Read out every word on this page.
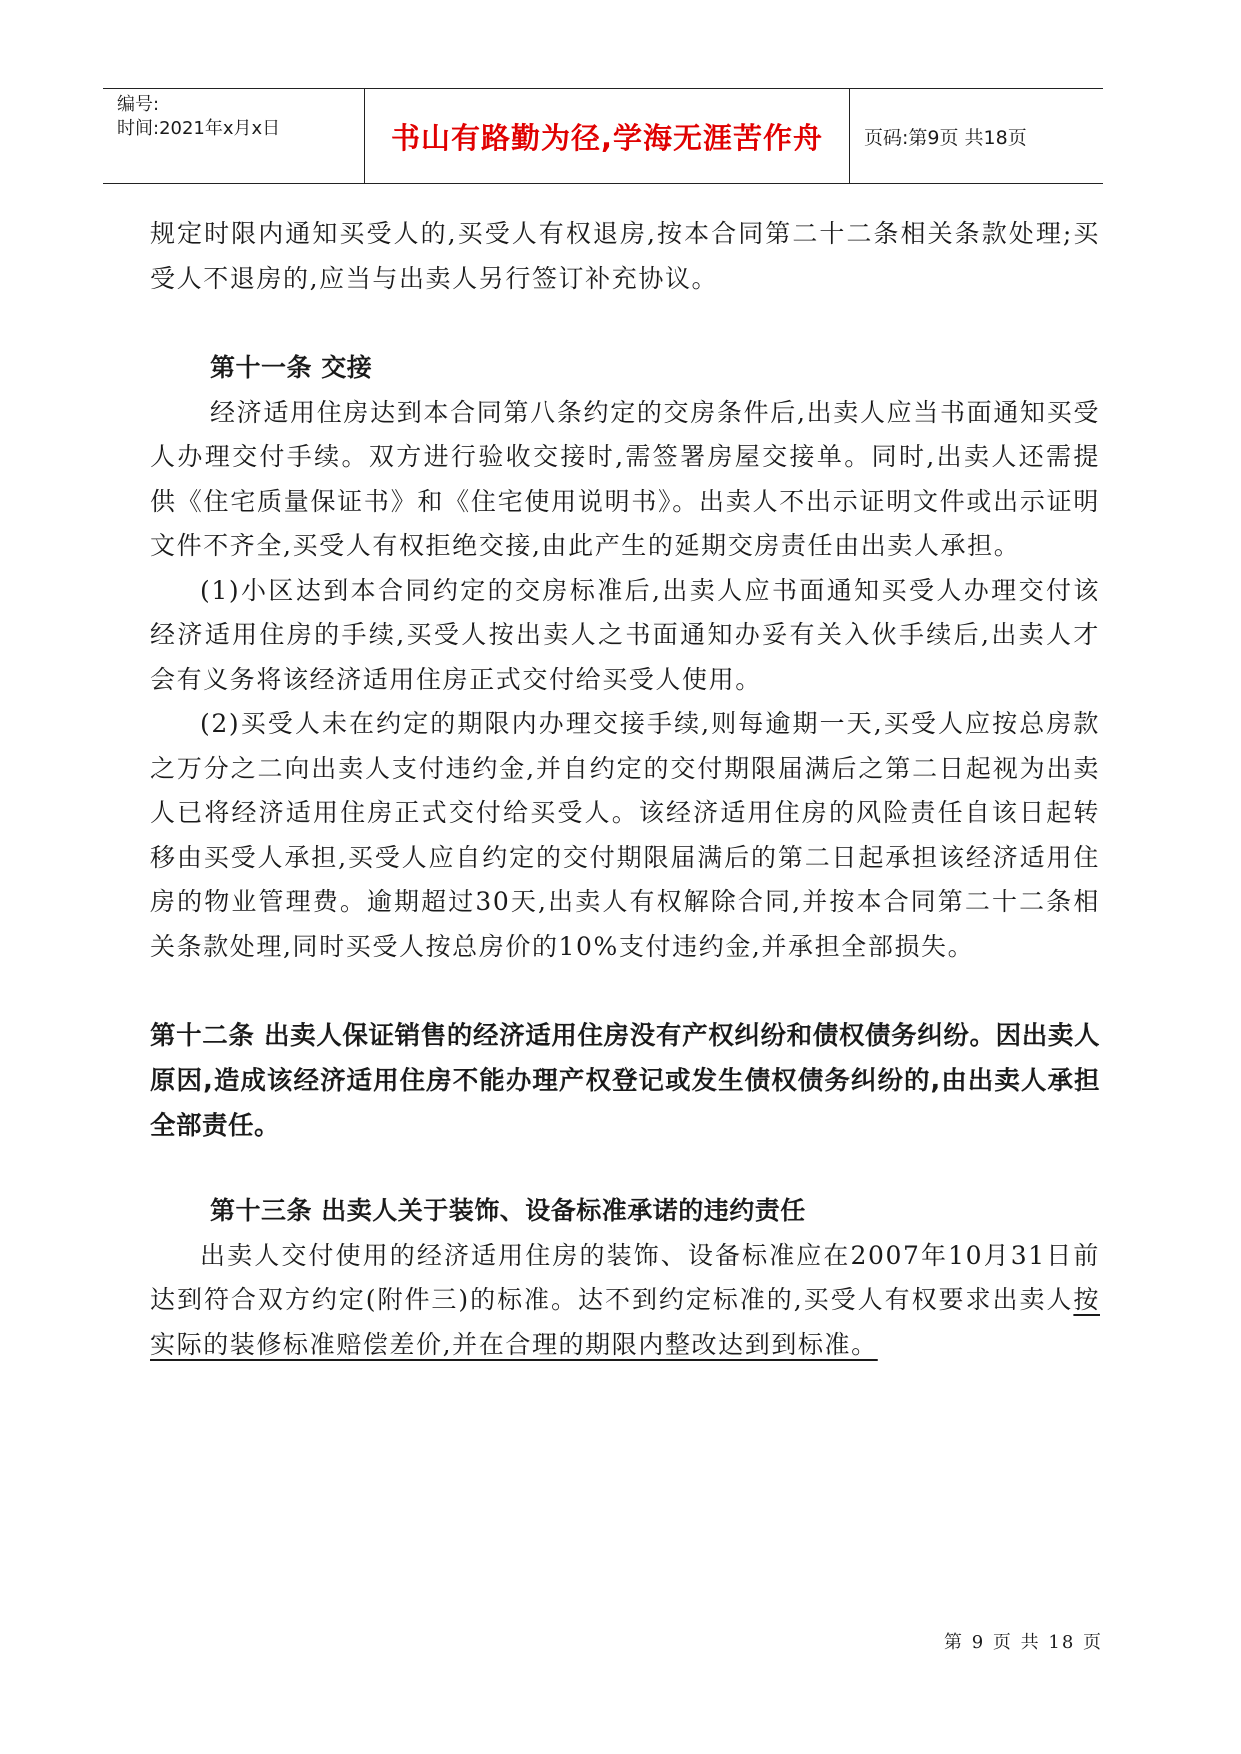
编号:
时间:2021年x月x日	书山有路勤为径,学海无涯苦作舟	页码:第9页 共18页

规定时限内通知买受人的,买受人有权退房,按本合同第二十二条相关条款处理;买受人不退房的,应当与出卖人另行签订补充协议。

第十一条 交接

经济适用住房达到本合同第八条约定的交房条件后,出卖人应当书面通知买受人办理交付手续。双方进行验收交接时,需签署房屋交接单。同时,出卖人还需提供《住宅质量保证书》和《住宅使用说明书》。出卖人不出示证明文件或出示证明文件不齐全,买受人有权拒绝交接,由此产生的延期交房责任由出卖人承担。

(1)小区达到本合同约定的交房标准后,出卖人应书面通知买受人办理交付该经济适用住房的手续,买受人按出卖人之书面通知办妥有关入伙手续后,出卖人才会有义务将该经济适用住房正式交付给买受人使用。

(2)买受人未在约定的期限内办理交接手续,则每逾期一天,买受人应按总房款之万分之二向出卖人支付违约金,并自约定的交付期限届满后之第二日起视为出卖人已将经济适用住房正式交付给买受人。该经济适用住房的风险责任自该日起转移由买受人承担,买受人应自约定的交付期限届满后的第二日起承担该经济适用住房的物业管理费。逾期超过30天,出卖人有权解除合同,并按本合同第二十二条相关条款处理,同时买受人按总房价的10%支付违约金,并承担全部损失。

第十二条 出卖人保证销售的经济适用住房没有产权纠纷和债权债务纠纷。因出卖人原因,造成该经济适用住房不能办理产权登记或发生债权债务纠纷的,由出卖人承担全部责任。

第十三条 出卖人关于装饰、设备标准承诺的违约责任

出卖人交付使用的经济适用住房的装饰、设备标准应在2007年10月31日前达到符合双方约定(附件三)的标准。达不到约定标准的,买受人有权要求出卖人按实际的装修标准赔偿差价,并在合理的期限内整改达到到标准。

第 9 页 共 18 页
